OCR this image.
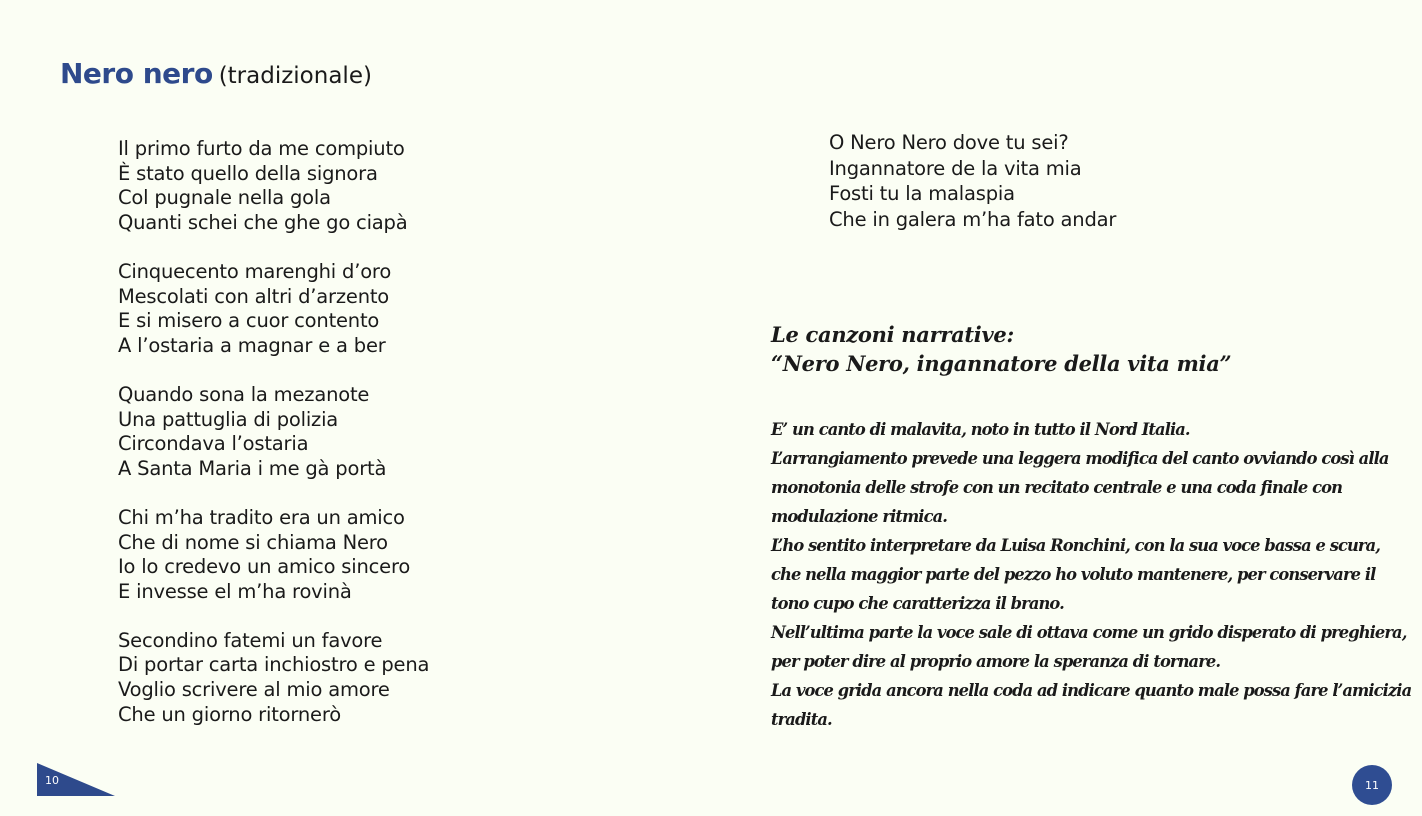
Nero nero (tradizionale)
Il primo furto da me compiuto
È stato quello della signora
Col pugnale nella gola
Quanti schei che ghe go ciapà
Cinquecento marenghi d’oro
Mescolati con altri d’arzento
E si misero a cuor contento
A l’ostaria a magnar e a ber
Quando sona la mezanote
Una pattuglia di polizia
Circondava l’ostaria
A Santa Maria i me gà portà
Chi m’ha tradito era un amico
Che di nome si chiama Nero
Io lo credevo un amico sincero
E invesse el m’ha rovinà
Secondino fatemi un favore
Di portar carta inchiostro e pena
Voglio scrivere al mio amore
Che un giorno ritornerò
O Nero Nero dove tu sei?
Ingannatore de la vita mia
Fosti tu la malaspia
Che in galera m’ha fato andar
Le canzoni narrative:
“Nero Nero, ingannatore della vita mia”
E’ un canto di malavita, noto in tutto il Nord Italia.
L’arrangiamento prevede una leggera modifica del canto ovviando così alla
monotonia delle strofe con un recitato centrale e una coda finale con
modulazione ritmica.
L’ho sentito interpretare da Luisa Ronchini, con la sua voce bassa e scura,
che nella maggior parte del pezzo ho voluto mantenere, per conservare il
tono cupo che caratterizza il brano.
Nell’ultima parte la voce sale di ottava come un grido disperato di preghiera,
per poter dire al proprio amore la speranza di tornare.
La voce grida ancora nella coda ad indicare quanto male possa fare l’amicizia
tradita.
10	11
